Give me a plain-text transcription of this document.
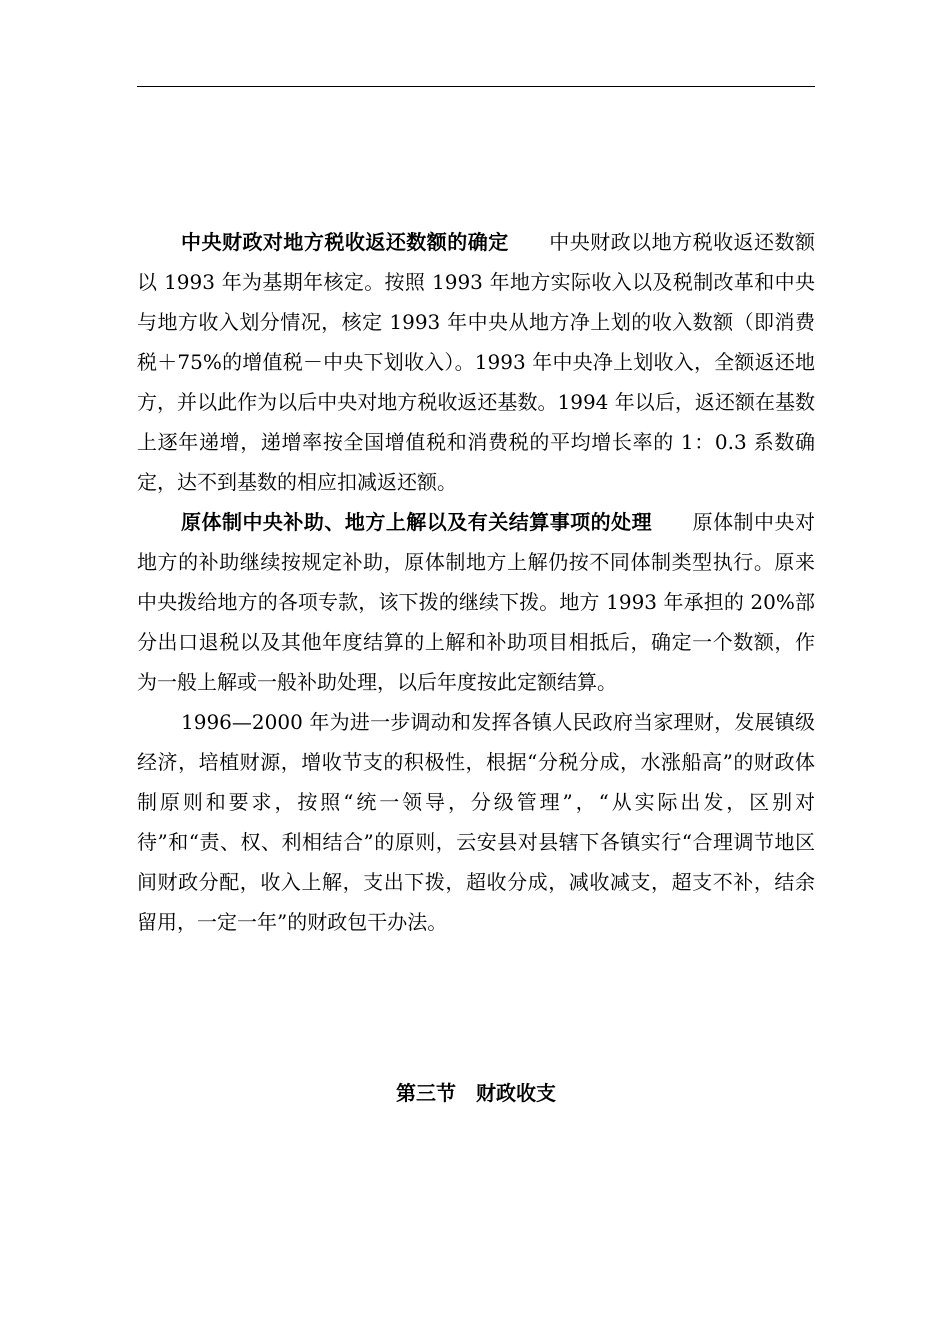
中央财政对地方税收返还数额的确定 中央财政以地方税收返还数额以 1993 年为基期年核定。按照 1993 年地方实际收入以及税制改革和中央与地方收入划分情况，核定 1993 年中央从地方净上划的收入数额（即消费税＋75%的增值税－中央下划收入）。1993 年中央净上划收入，全额返还地方，并以此作为以后中央对地方税收返还基数。1994 年以后，返还额在基数上逐年递增，递增率按全国增值税和消费税的平均增长率的 1：0.3 系数确定，达不到基数的相应扣减返还额。

原体制中央补助、地方上解以及有关结算事项的处理 原体制中央对地方的补助继续按规定补助，原体制地方上解仍按不同体制类型执行。原来中央拨给地方的各项专款，该下拨的继续下拨。地方 1993 年承担的 20%部分出口退税以及其他年度结算的上解和补助项目相抵后，确定一个数额，作为一般上解或一般补助处理，以后年度按此定额结算。

1996—2000 年为进一步调动和发挥各镇人民政府当家理财，发展镇级经济，培植财源，增收节支的积极性，根据“分税分成，水涨船高”的财政体制原则和要求，按照“统一领导，分级管理”，“从实际出发，区别对待”和“责、权、利相结合”的原则，云安县对县辖下各镇实行“合理调节地区间财政分配，收入上解，支出下拨，超收分成，减收减支，超支不补，结余留用，一定一年”的财政包干办法。

第三节　财政收支
